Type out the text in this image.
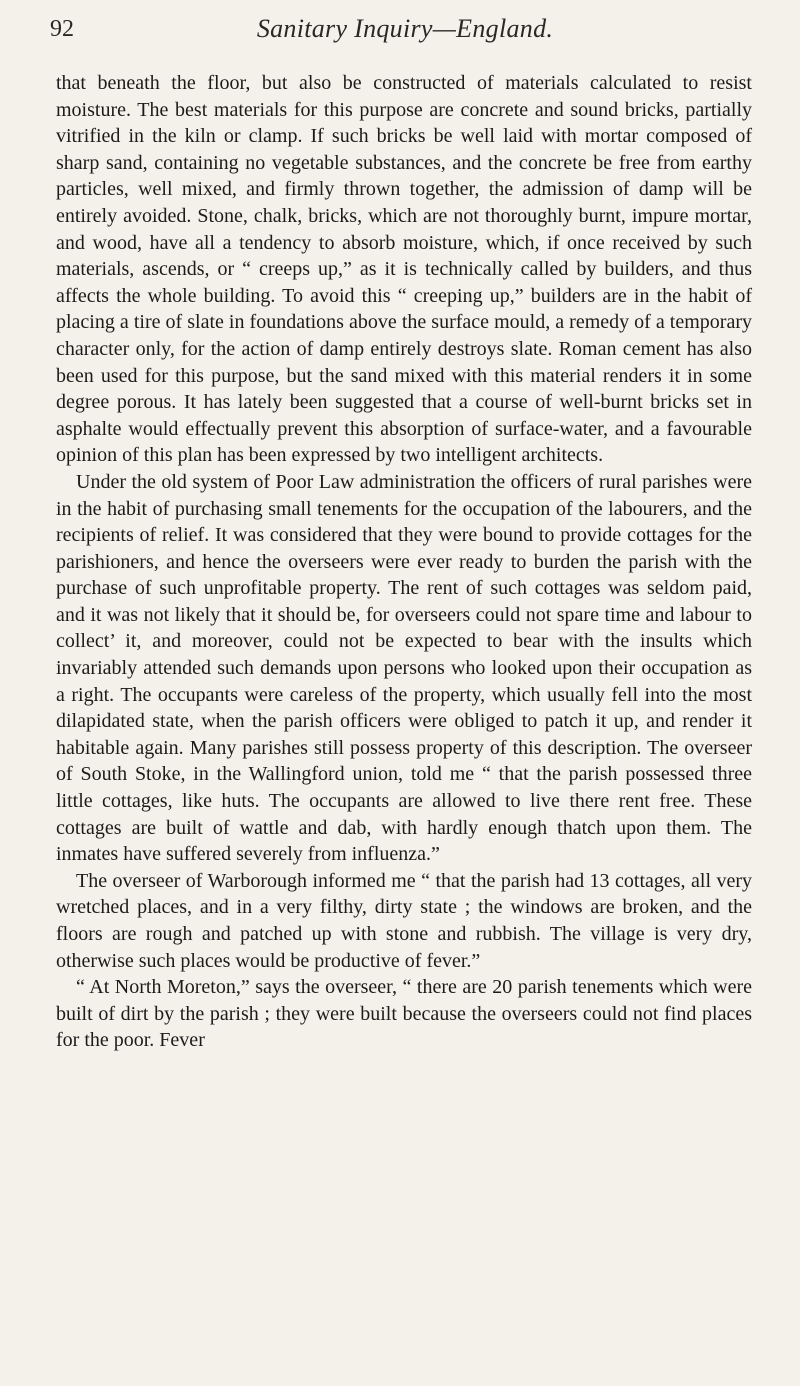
92	Sanitary Inquiry—England.

that beneath the floor, but also be constructed of materials calculated to resist moisture. The best materials for this purpose are concrete and sound bricks, partially vitrified in the kiln or clamp. If such bricks be well laid with mortar composed of sharp sand, containing no vegetable substances, and the concrete be free from earthy particles, well mixed, and firmly thrown together, the admission of damp will be entirely avoided. Stone, chalk, bricks, which are not thoroughly burnt, impure mortar, and wood, have all a tendency to absorb moisture, which, if once received by such materials, ascends, or “ creeps up,” as it is technically called by builders, and thus affects the whole building. To avoid this “ creeping up,” builders are in the habit of placing a tire of slate in foundations above the surface mould, a remedy of a temporary character only, for the action of damp entirely destroys slate. Roman cement has also been used for this purpose, but the sand mixed with this material renders it in some degree porous. It has lately been suggested that a course of well-burnt bricks set in asphalte would effectually prevent this absorption of surface-water, and a favourable opinion of this plan has been expressed by two intelligent architects.

Under the old system of Poor Law administration the officers of rural parishes were in the habit of purchasing small tenements for the occupation of the labourers, and the recipients of relief. It was considered that they were bound to provide cottages for the parishioners, and hence the overseers were ever ready to burden the parish with the purchase of such unprofitable property. The rent of such cottages was seldom paid, and it was not likely that it should be, for overseers could not spare time and labour to collect’ it, and moreover, could not be expected to bear with the insults which invariably attended such demands upon persons who looked upon their occupation as a right. The occupants were careless of the property, which usually fell into the most dilapidated state, when the parish officers were obliged to patch it up, and render it habitable again. Many parishes still possess property of this description. The overseer of South Stoke, in the Wallingford union, told me “ that the parish possessed three little cottages, like huts. The occupants are allowed to live there rent free. These cottages are built of wattle and dab, with hardly enough thatch upon them. The inmates have suffered severely from influenza.”

The overseer of Warborough informed me “ that the parish had 13 cottages, all very wretched places, and in a very filthy, dirty state ; the windows are broken, and the floors are rough and patched up with stone and rubbish. The village is very dry, otherwise such places would be productive of fever.”

“ At North Moreton,” says the overseer, “ there are 20 parish tenements which were built of dirt by the parish ; they were built because the overseers could not find places for the poor. Fever
